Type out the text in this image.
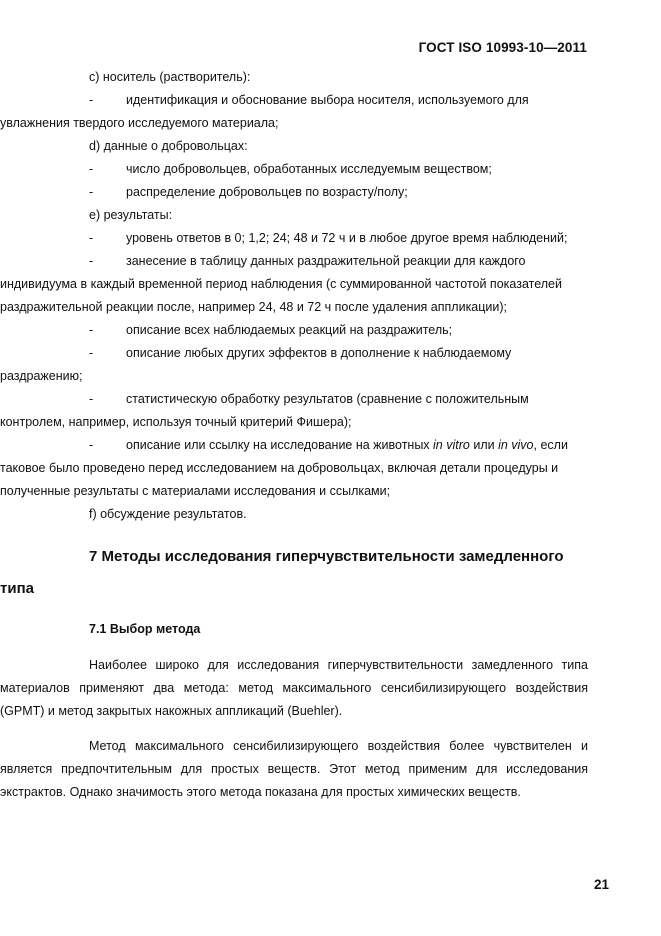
ГОСТ ISO 10993-10—2011

с) носитель (растворитель):

-	идентификация и обоснование выбора носителя, используемого для увлажнения твердого исследуемого материала;

d) данные о добровольцах:

-	число добровольцев, обработанных исследуемым веществом;
-	распределение добровольцев по возрасту/полу;

е) результаты:

-	уровень ответов в 0; 1,2; 24; 48 и 72 ч и в любое другое время наблюдений;
-	занесение в таблицу данных раздражительной реакции для каждого индивидуума в каждый временной период наблюдения (с суммированной частотой показателей раздражительной реакции после, например 24, 48 и 72 ч после удаления аппликации);
-	описание всех наблюдаемых реакций на раздражитель;
-	описание любых других эффектов в дополнение к наблюдаемому раздражению;
-	статистическую обработку результатов (сравнение с положительным контролем, например, используя точный критерий Фишера);
-	описание или ссылку на исследование на животных in vitro или in vivo, если таковое было проведено перед исследованием на добровольцах, включая детали процедуры и полученные результаты с материалами исследования и ссылками;

f) обсуждение результатов.

7 Методы исследования гиперчувствительности замедленного
типа

7.1 Выбор метода

Наиболее широко для исследования гиперчувствительности замедленного типа материалов применяют два метода: метод максимального сенсибилизирующего воздействия (GPMT) и метод закрытых накожных аппликаций (Buehler).

Метод максимального сенсибилизирующего воздействия более чувствителен и является предпочтительным для простых веществ. Этот метод применим для исследования экстрактов. Однако значимость этого метода показана для простых химических веществ.

21
